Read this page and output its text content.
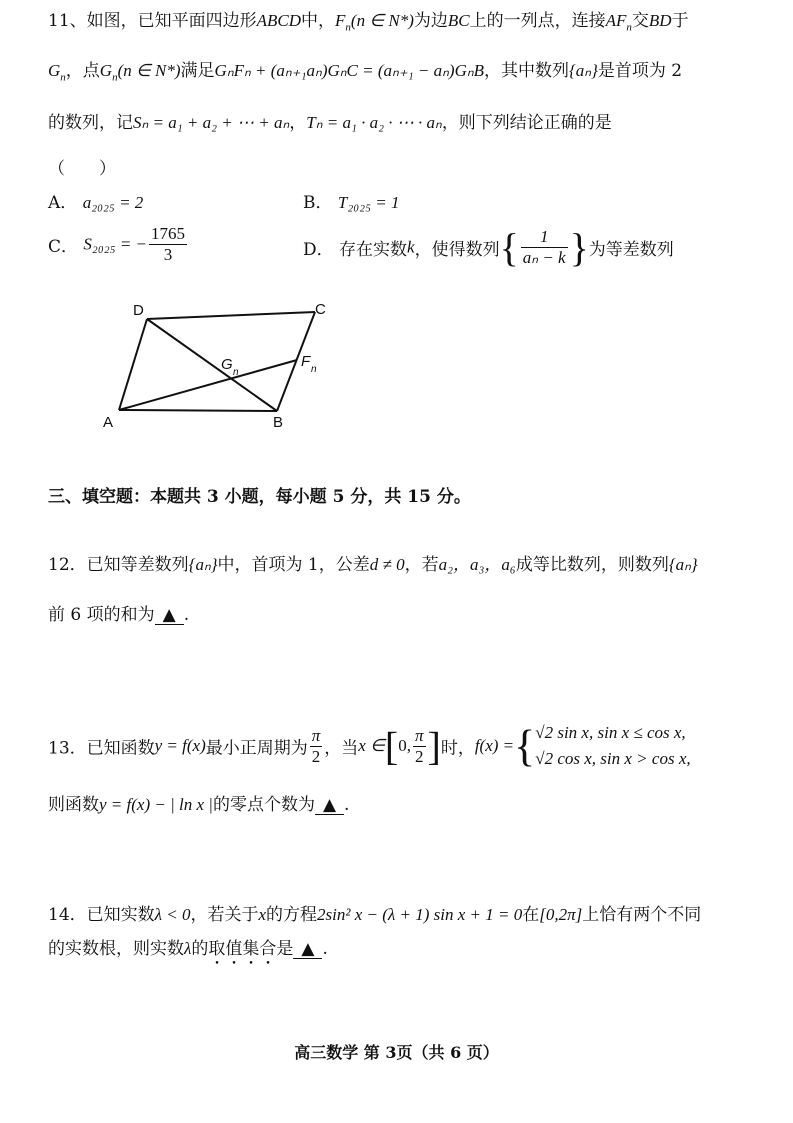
11、如图，已知平面四边形ABCD中，$F_n(n$ ∈ N*)为边BC上的一列点，连接$AF_n$交BD于
$G_n$，点$G_n(n$ ∈ N*)满足GₙFₙ + (aₙ₊₁aₙ)GₙC = (aₙ₊₁ − aₙ)GₙB，其中数列{aₙ}是首项为 2
的数列，记Sₙ = a₁ + a₂ + ⋯ + aₙ，Tₙ = a₁ · a₂ · ⋯ · aₙ，则下列结论正确的是
（　　）
A． a₂₀₂₅ = 2	B． T₂₀₂₅ = 1
C． S₂₀₂₅ = − $\frac{1765}{3}$	D． 存在实数k，使得数列{ $\frac{1}{\text{aₙ − k}}$ }为等差数列
D	C
A	B
G n
F n
三、填空题：本题共 3 小题，每小题 5 分，共 15 分。
12．已知等差数列{aₙ}中，首项为 1，公差d ≠ 0，若a₂，a₃，a₆成等比数列，则数列{aₙ}
前 6 项的和为 ▲ .
13．已知函数y = f(x)最小正周期为 $\frac{\pi}{2}$ ，当x ∈[0, $\frac{\pi}{2}$ ]时，f(x) ={ √2 sin x, sin x ≤ cos x,
√2 cos x, sin x > cos x,
则函数y = f(x) − | ln x |的零点个数为 ▲ .
14．已知实数λ < 0，若关于x的方程2sin² x − (λ + 1) sin x + 1 = 0在[0,2π]上恰有两个不同
的实数根，则实数λ的取值集合是 ▲ .
高三数学 第 3页（共 6 页）
